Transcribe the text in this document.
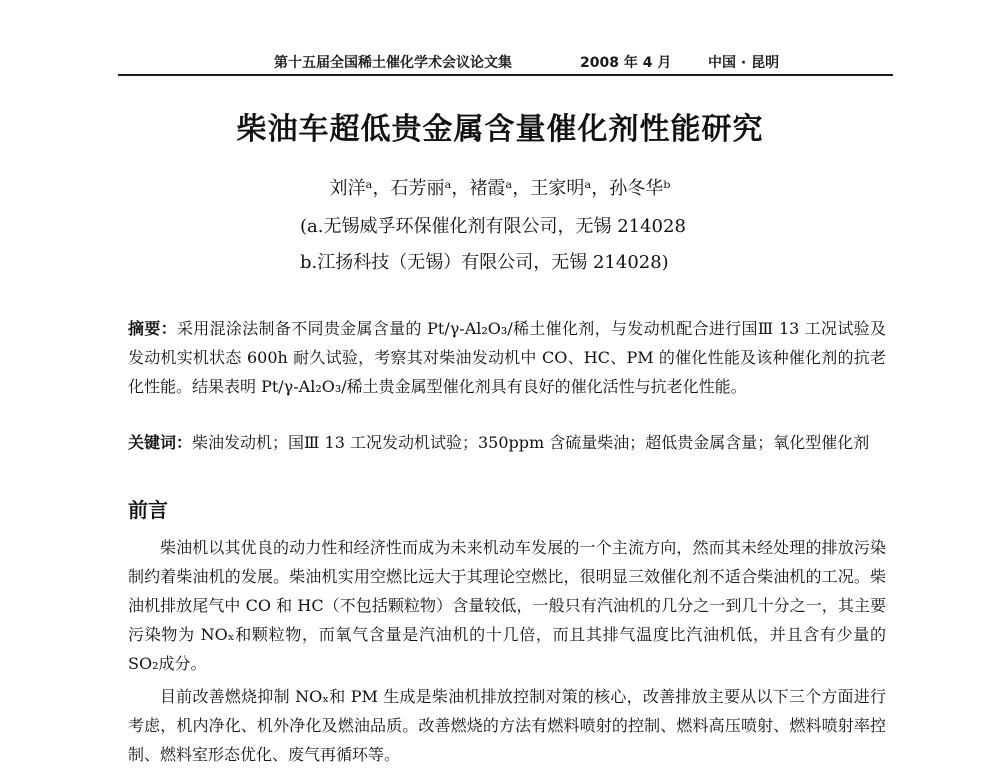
第十五届全国稀土催化学术会议论文集	2008 年 4 月	中国 · 昆明
柴油车超低贵金属含量催化剂性能研究
刘洋ᵃ，石芳丽ᵃ，褚霞ᵃ，王家明ᵃ，孙冬华ᵇ
(a.无锡威孚环保催化剂有限公司，无锡 214028
b.江扬科技（无锡）有限公司，无锡 214028)
摘要：采用混涂法制备不同贵金属含量的 Pt/γ-Al₂O₃/稀土催化剂，与发动机配合进行国Ⅲ 13 工况试验及发动机实机状态 600h 耐久试验，考察其对柴油发动机中 CO、HC、PM 的催化性能及该种催化剂的抗老化性能。结果表明 Pt/γ-Al₂O₃/稀土贵金属型催化剂具有良好的催化活性与抗老化性能。
关键词：柴油发动机；国Ⅲ 13 工况发动机试验；350ppm 含硫量柴油；超低贵金属含量；氧化型催化剂
前言

柴油机以其优良的动力性和经济性而成为未来机动车发展的一个主流方向，然而其未经处理的排放污染制约着柴油机的发展。柴油机实用空燃比远大于其理论空燃比，很明显三效催化剂不适合柴油机的工况。柴油机排放尾气中 CO 和 HC（不包括颗粒物）含量较低，一般只有汽油机的几分之一到几十分之一，其主要污染物为 NOₓ和颗粒物，而氧气含量是汽油机的十几倍，而且其排气温度比汽油机低，并且含有少量的 SO₂成分。

目前改善燃烧抑制 NOₓ和 PM 生成是柴油机排放控制对策的核心，改善排放主要从以下三个方面进行考虑，机内净化、机外净化及燃油品质。改善燃烧的方法有燃料喷射的控制、燃料高压喷射、燃料喷射率控制、燃料室形态优化、废气再循环等。
